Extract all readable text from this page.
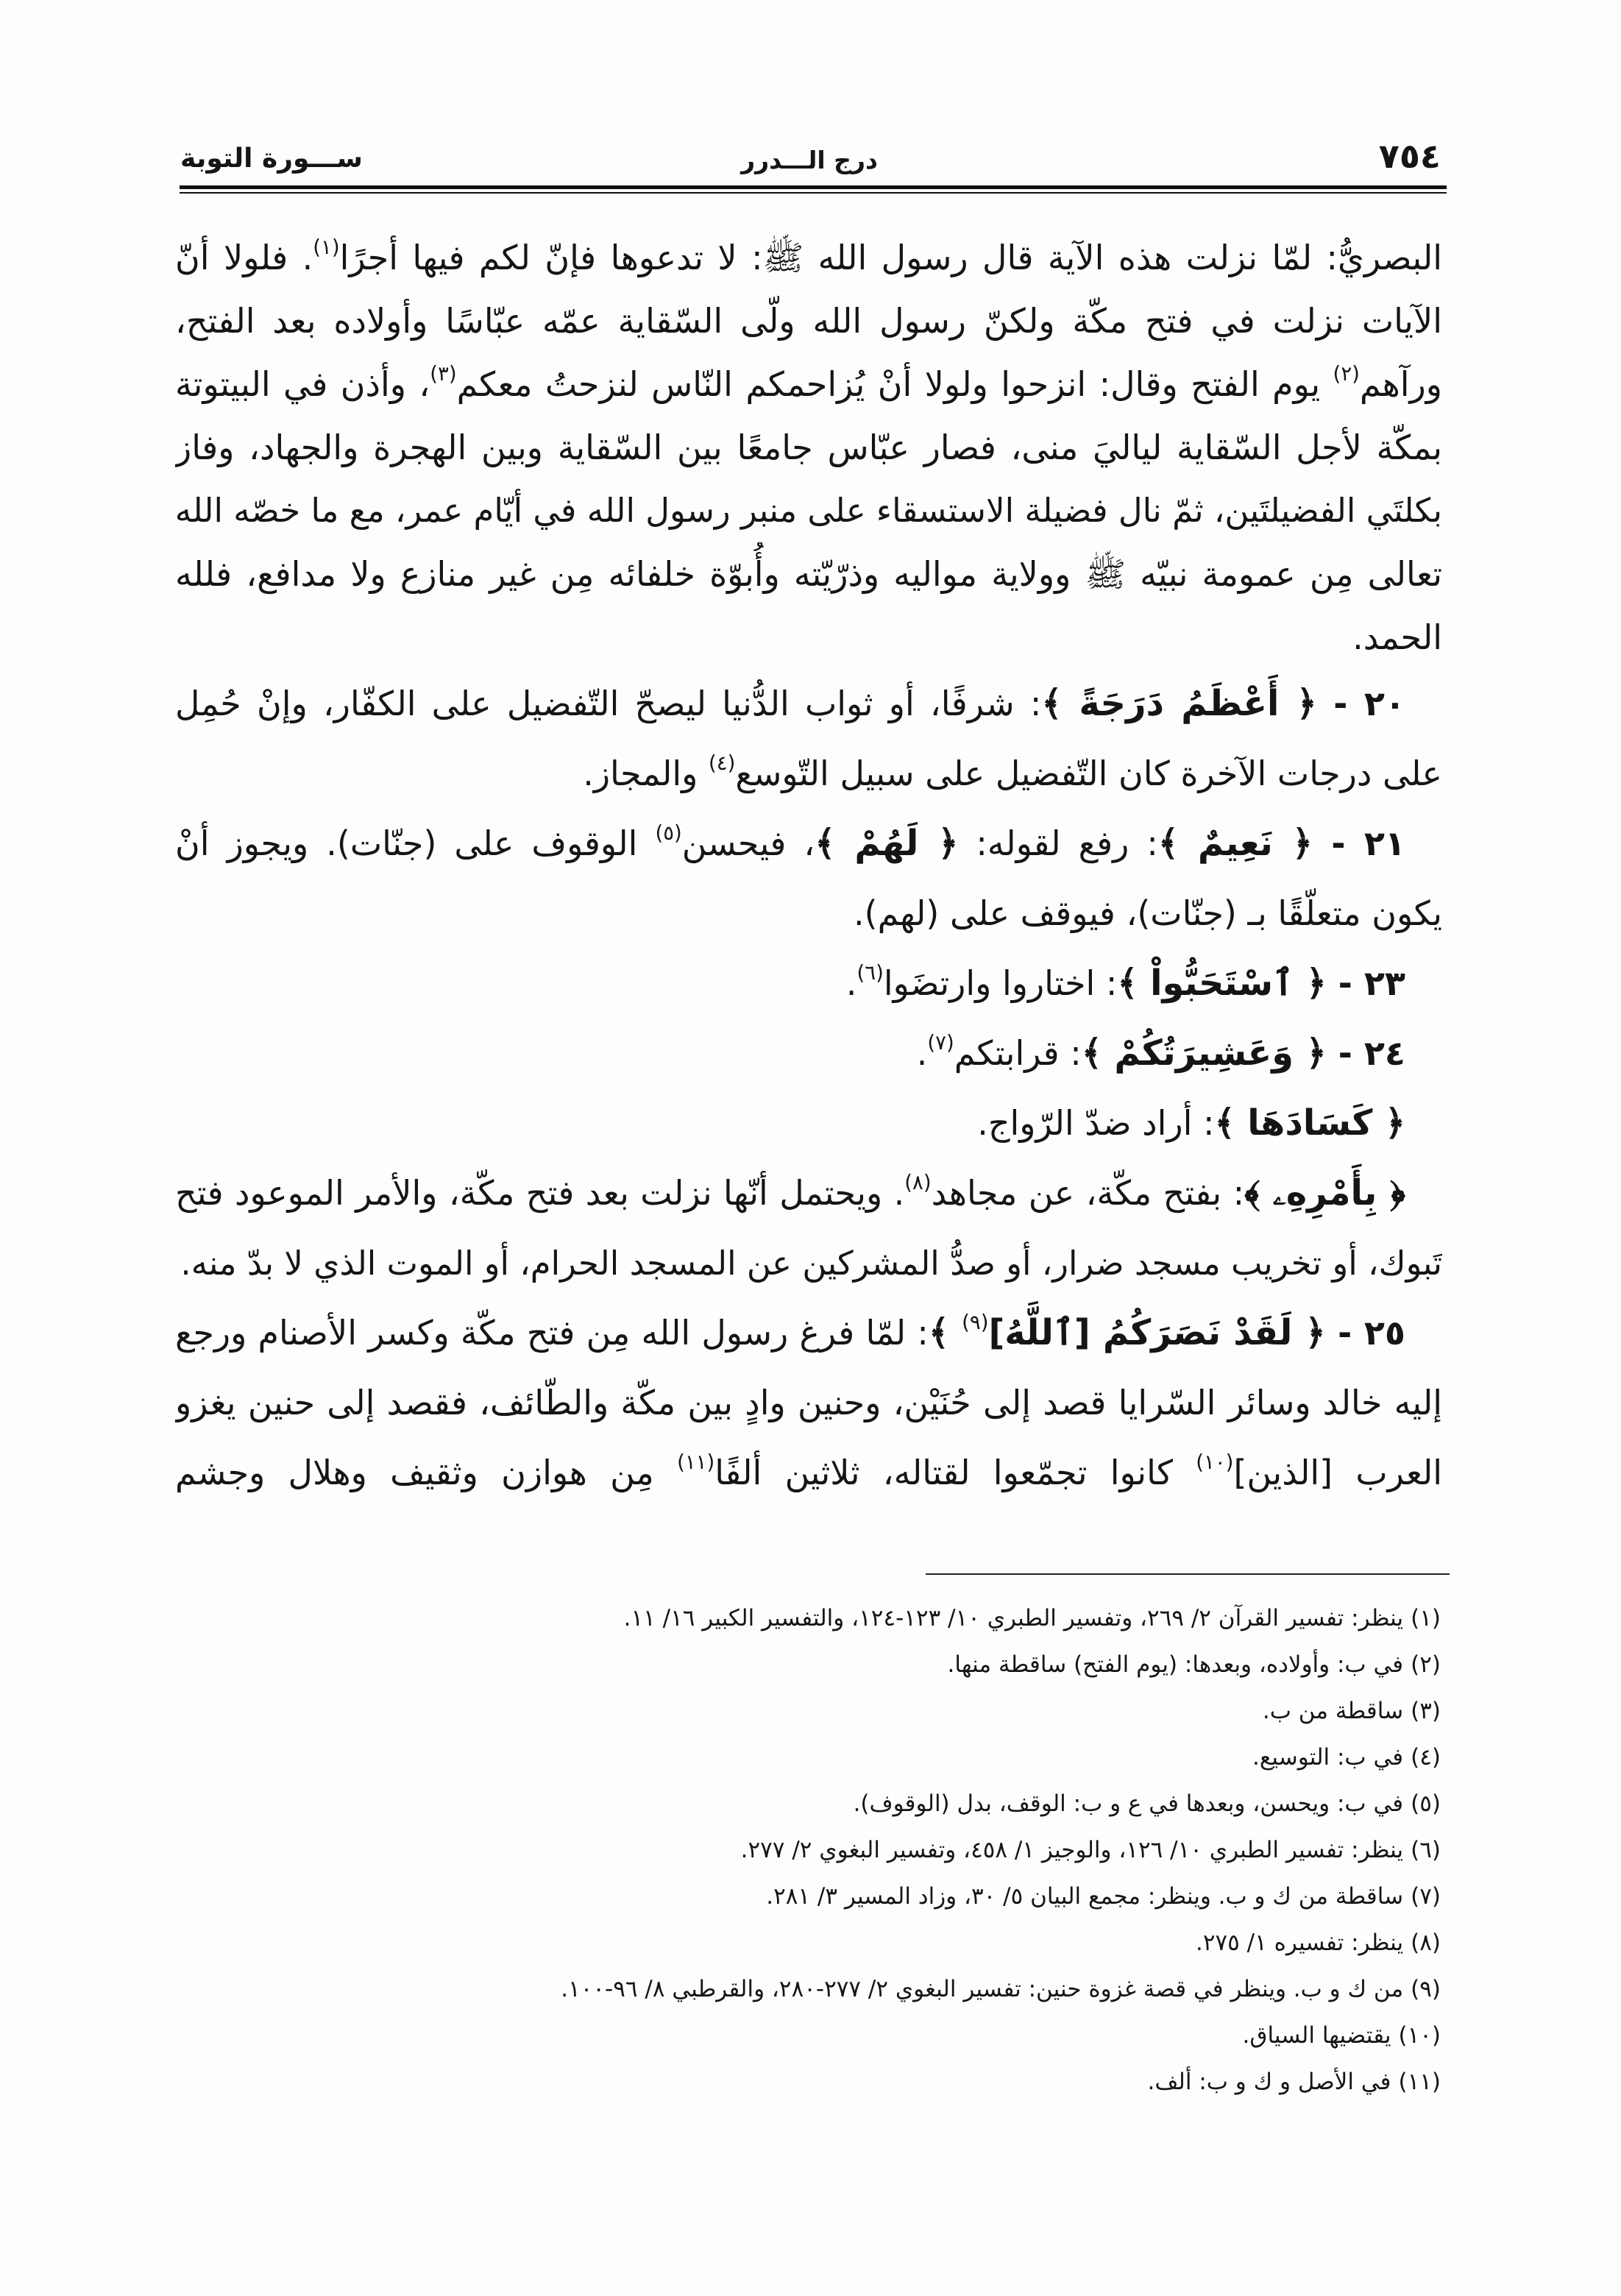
٧٥٤
درج الـــدرر
ســـورة التوبة
البصريُّ: لمّا نزلت هذه الآية قال رسول الله ﷺ: لا تدعوها فإنّ لكم فيها أجرًا$^{(١)}$. فلولا أنّ
الآيات نزلت في فتح مكّة ولكنّ رسول الله ولّى السّقاية عمّه عبّاسًا وأولاده بعد الفتح،
ورآهم$^{(٢)}$ يوم الفتح وقال: انزحوا ولولا أنْ يُزاحمكم النّاس لنزحتُ معكم$^{(٣)}$، وأذن في البيتوتة
بمكّة لأجل السّقاية لياليَ منى، فصار عبّاس جامعًا بين السّقاية وبين الهجرة والجهاد، وفاز
بكلتَي الفضيلتَين، ثمّ نال فضيلة الاستسقاء على منبر رسول الله في أيّام عمر، مع ما خصّه الله
تعالى مِن عمومة نبيّه ﷺ وولاية مواليه وذرّيّته وأُبوّة خلفائه مِن غير منازع ولا مدافع، فلله
الحمد.
٢٠ - ﴿ أَعْظَمُ دَرَجَةً ﴾: شرفًا، أو ثواب الدُّنيا ليصحّ التّفضيل على الكفّار، وإنْ حُمِل
على درجات الآخرة كان التّفضيل على سبيل التّوسع$^{(٤)}$ والمجاز.
٢١ - ﴿ نَعِيمٌ ﴾: رفع لقوله: ﴿ لَهُمْ ﴾، فيحسن$^{(٥)}$ الوقوف على (جنّات). ويجوز أنْ
يكون متعلّقًا بـ (جنّات)، فيوقف على (لهم).
٢٣ - ﴿ ٱسْتَحَبُّواْ ﴾: اختاروا وارتضَوا$^{(٦)}$.
٢٤ - ﴿ وَعَشِيرَتُكُمْ ﴾: قرابتكم$^{(٧)}$.
﴿ كَسَادَهَا ﴾: أراد ضدّ الرّواج.
﴿ بِأَمْرِهِۦ ﴾: بفتح مكّة، عن مجاهد$^{(٨)}$. ويحتمل أنّها نزلت بعد فتح مكّة، والأمر الموعود فتح
تَبوك، أو تخريب مسجد ضرار، أو صدُّ المشركين عن المسجد الحرام، أو الموت الذي لا بدّ منه.
٢٥ - ﴿ لَقَدْ نَصَرَكُمُ [ٱللَّهُ]$^{(٩)}$ ﴾: لمّا فرغ رسول الله مِن فتح مكّة وكسر الأصنام ورجع
إليه خالد وسائر السّرايا قصد إلى حُنَيْن، وحنين وادٍ بين مكّة والطّائف، فقصد إلى حنين يغزو
العرب [الذين]$^{(١٠)}$ كانوا تجمّعوا لقتاله، ثلاثين ألفًا$^{(١١)}$ مِن هوازن وثقيف وهلال وجشم
(١)ينظر: تفسير القرآن ٢/ ٢٦٩، وتفسير الطبري ١٠/ ١٢٣-١٢٤، والتفسير الكبير ١٦/ ١١.
(٢)في ب: وأولاده، وبعدها: (يوم الفتح) ساقطة منها.
(٣)ساقطة من ب.
(٤)في ب: التوسيع.
(٥)في ب: ويحسن، وبعدها في ع و ب: الوقف، بدل (الوقوف).
(٦)ينظر: تفسير الطبري ١٠/ ١٢٦، والوجيز ١/ ٤٥٨، وتفسير البغوي ٢/ ٢٧٧.
(٧)ساقطة من ك و ب. وينظر: مجمع البيان ٥/ ٣٠، وزاد المسير ٣/ ٢٨١.
(٨)ينظر: تفسيره ١/ ٢٧٥.
(٩)من ك و ب. وينظر في قصة غزوة حنين: تفسير البغوي ٢/ ٢٧٧-٢٨٠، والقرطبي ٨/ ٩٦-١٠٠.
(١٠)يقتضيها السياق.
(١١)في الأصل و ك و ب: ألف.
